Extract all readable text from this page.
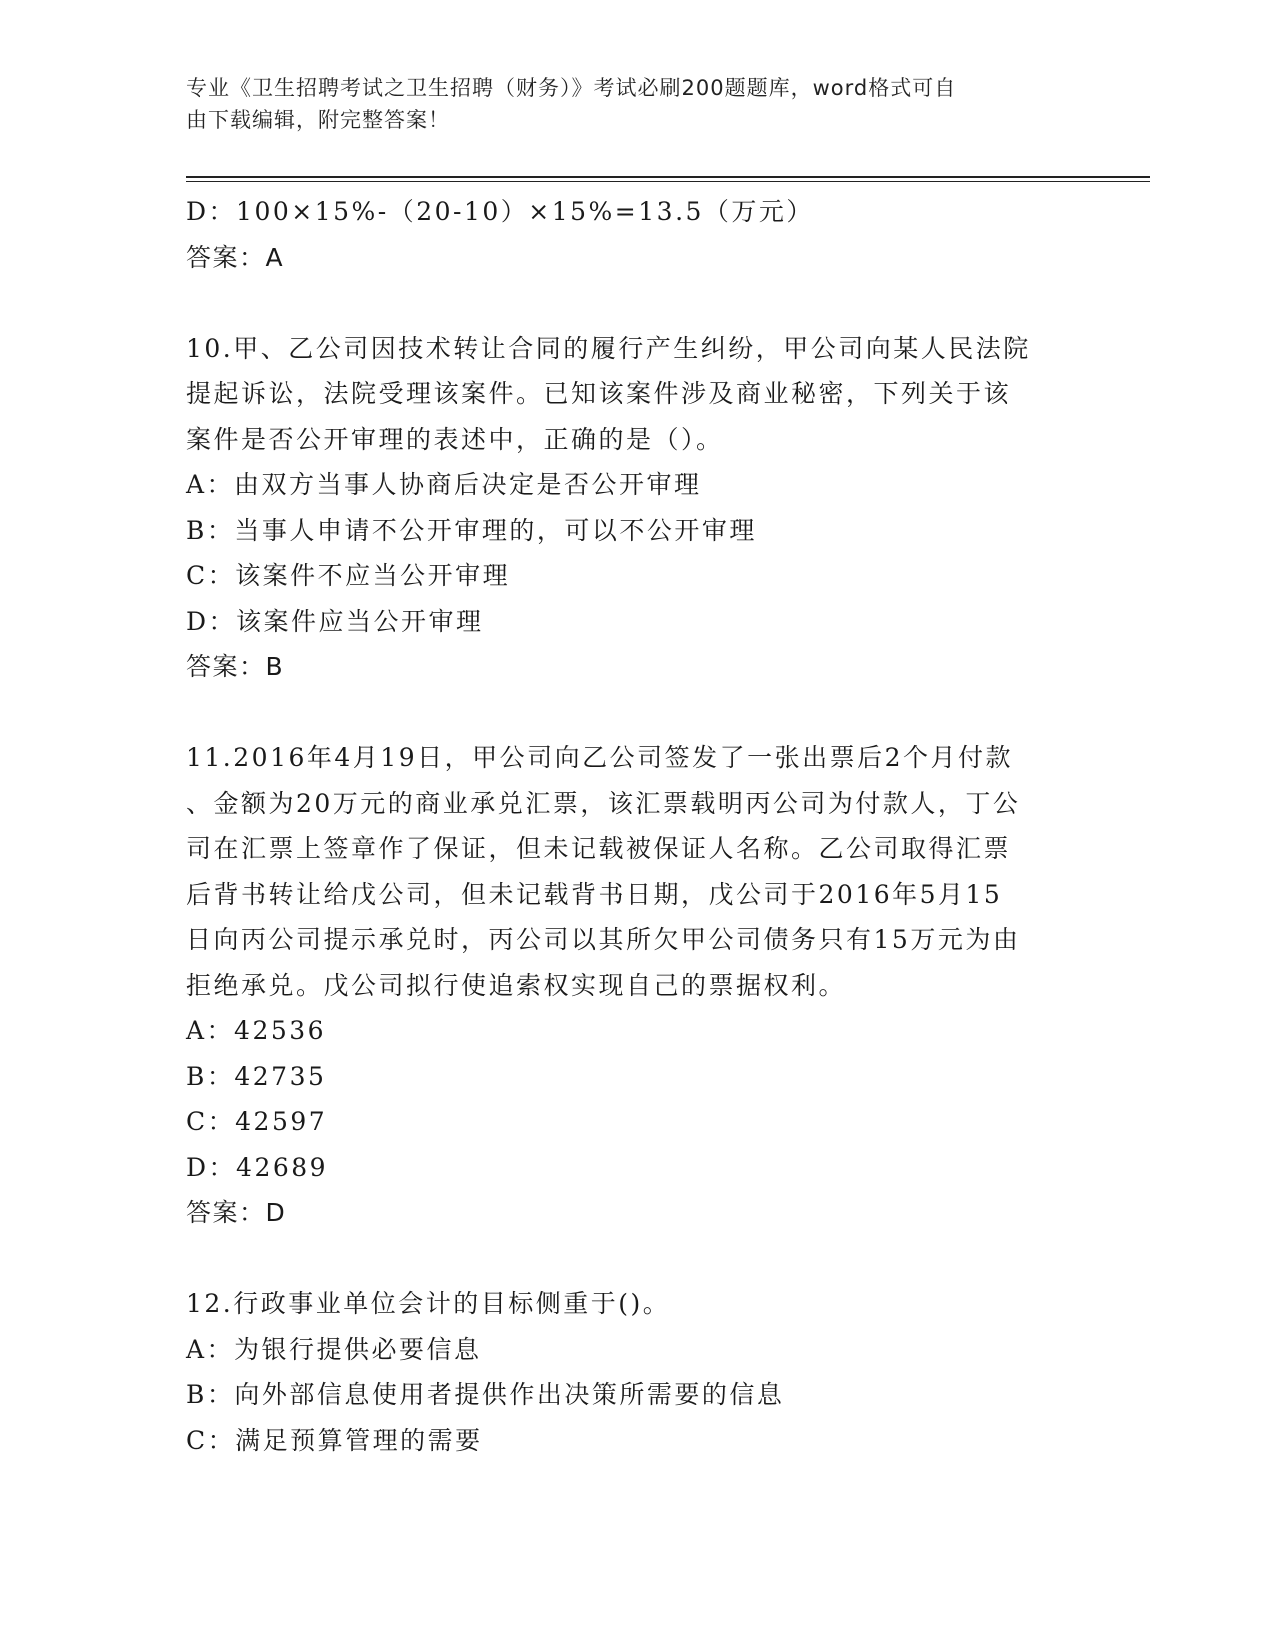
专业《卫生招聘考试之卫生招聘（财务）》考试必刷200题题库，word格式可自
由下载编辑，附完整答案！
D：100×15%-（20-10）×15%=13.5（万元）
答案：A
10.甲、乙公司因技术转让合同的履行产生纠纷，甲公司向某人民法院
提起诉讼，法院受理该案件。已知该案件涉及商业秘密，下列关于该
案件是否公开审理的表述中，正确的是（）。
A：由双方当事人协商后决定是否公开审理
B：当事人申请不公开审理的，可以不公开审理
C：该案件不应当公开审理
D：该案件应当公开审理
答案：B
11.2016年4月19日，甲公司向乙公司签发了一张出票后2个月付款
、金额为20万元的商业承兑汇票，该汇票载明丙公司为付款人，丁公
司在汇票上签章作了保证，但未记载被保证人名称。乙公司取得汇票
后背书转让给戊公司，但未记载背书日期，戊公司于2016年5月15
日向丙公司提示承兑时，丙公司以其所欠甲公司债务只有15万元为由
拒绝承兑。戊公司拟行使追索权实现自己的票据权利。
A：42536
B：42735
C：42597
D：42689
答案：D
12.行政事业单位会计的目标侧重于()。
A：为银行提供必要信息
B：向外部信息使用者提供作出决策所需要的信息
C：满足预算管理的需要
